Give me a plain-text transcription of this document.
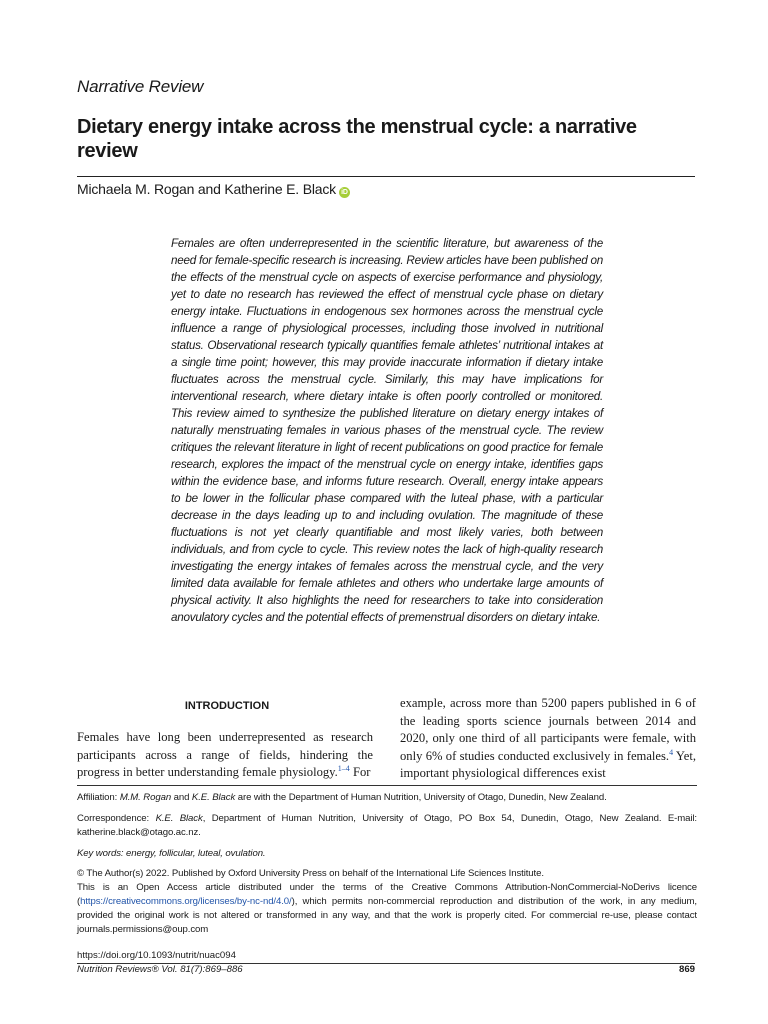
Narrative Review
Dietary energy intake across the menstrual cycle: a narrative review
Michaela M. Rogan and Katherine E. Black iD

Females are often underrepresented in the scientific literature, but awareness of the need for female-specific research is increasing. Review articles have been published on the effects of the menstrual cycle on aspects of exercise performance and physiology, yet to date no research has reviewed the effect of menstrual cycle phase on dietary energy intake. Fluctuations in endogenous sex hormones across the menstrual cycle influence a range of physiological processes, including those involved in nutritional status. Observational research typically quantifies female athletes’ nutritional intakes at a single time point; however, this may provide inaccurate information if dietary intake fluctuates across the menstrual cycle. Similarly, this may have implications for interventional research, where dietary intake is often poorly controlled or monitored. This review aimed to synthesize the published literature on dietary energy intakes of naturally menstruating females in various phases of the menstrual cycle. The review critiques the relevant literature in light of recent publications on good practice for female research, explores the impact of the menstrual cycle on energy intake, identifies gaps within the evidence base, and informs future research. Overall, energy intake appears to be lower in the follicular phase compared with the luteal phase, with a particular decrease in the days leading up to and including ovulation. The magnitude of these fluctuations is not yet clearly quantifiable and most likely varies, both between individuals, and from cycle to cycle. This review notes the lack of high-quality research investigating the energy intakes of females across the menstrual cycle, and the very limited data available for female athletes and others who undertake large amounts of physical activity. It also highlights the need for researchers to take into consideration anovulatory cycles and the potential effects of premenstrual disorders on dietary intake.

INTRODUCTION

Females have long been underrepresented as research participants across a range of fields, hindering the progress in better understanding female physiology.$^{1-4}$ For

example, across more than 5200 papers published in 6 of the leading sports science journals between 2014 and 2020, only one third of all participants were female, with only 6% of studies conducted exclusively in females.$^4$ Yet, important physiological differences exist

Affiliation: M.M. Rogan and K.E. Black are with the Department of Human Nutrition, University of Otago, Dunedin, New Zealand.

Correspondence: K.E. Black, Department of Human Nutrition, University of Otago, PO Box 54, Dunedin, Otago, New Zealand. E-mail: katherine.black@otago.ac.nz.

Key words: energy, follicular, luteal, ovulation.

© The Author(s) 2022. Published by Oxford University Press on behalf of the International Life Sciences Institute.
This is an Open Access article distributed under the terms of the Creative Commons Attribution-NonCommercial-NoDerivs licence (https://creativecommons.org/licenses/by-nc-nd/4.0/), which permits non-commercial reproduction and distribution of the work, in any medium, provided the original work is not altered or transformed in any way, and that the work is properly cited. For commercial re-use, please contact journals.permissions@oup.com

https://doi.org/10.1093/nutrit/nuac094
Nutrition Reviews® Vol. 81(7):869–886	869
